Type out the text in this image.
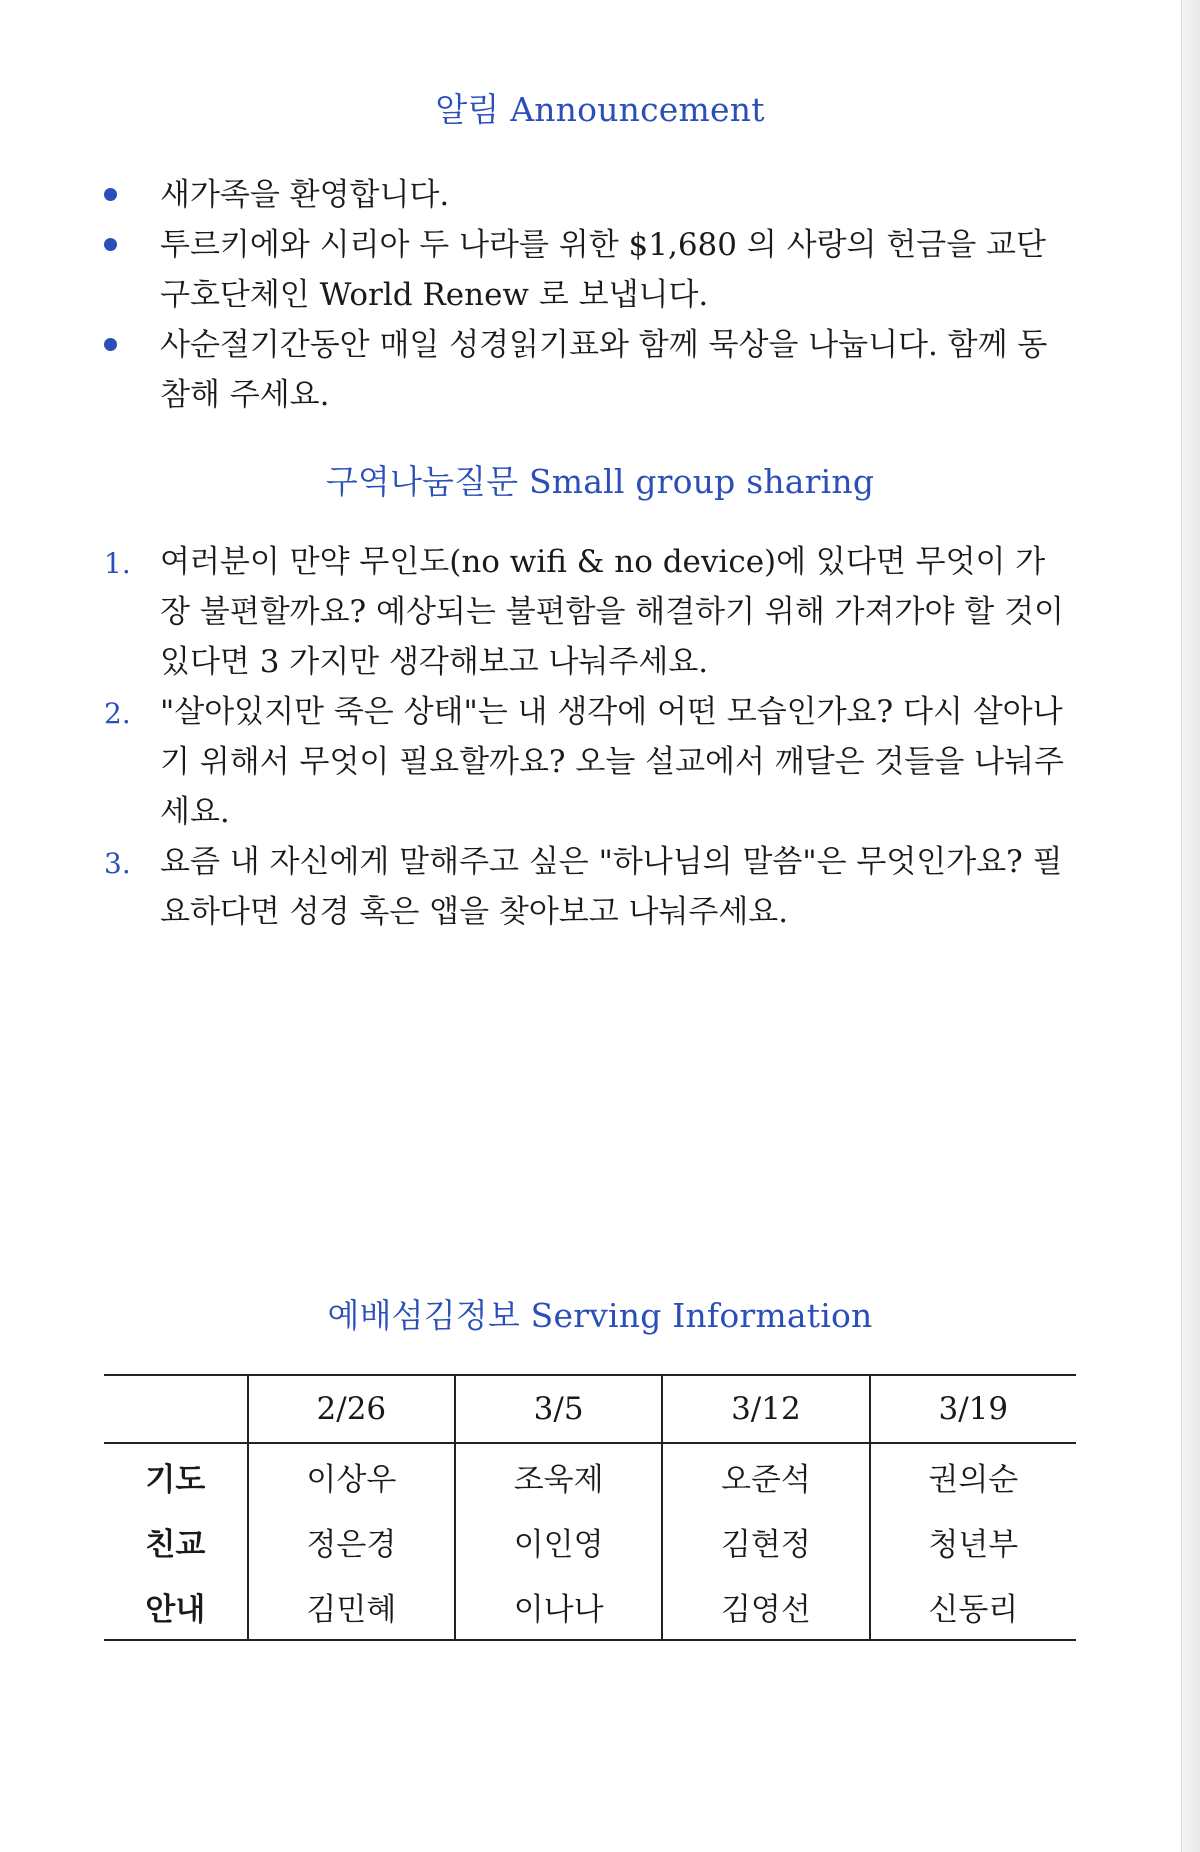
알림 Announcement
새가족을 환영합니다.
투르키에와 시리아 두 나라를 위한 $1,680 의 사랑의 헌금을 교단 구호단체인 World Renew 로 보냅니다.
사순절기간동안 매일 성경읽기표와 함께 묵상을 나눕니다. 함께 동참해 주세요.
구역나눔질문 Small group sharing
1. 여러분이 만약 무인도(no wifi & no device)에 있다면 무엇이 가장 불편할까요? 예상되는 불편함을 해결하기 위해 가져가야 할 것이 있다면 3 가지만 생각해보고 나눠주세요.
2. "살아있지만 죽은 상태"는 내 생각에 어떤 모습인가요? 다시 살아나기 위해서 무엇이 필요할까요? 오늘 설교에서 깨달은 것들을 나눠주세요.
3. 요즘 내 자신에게 말해주고 싶은 "하나님의 말씀"은 무엇인가요? 필요하다면 성경 혹은 앱을 찾아보고 나눠주세요.
예배섬김정보 Serving Information
	2/26	3/5	3/12	3/19
기도	이상우	조욱제	오준석	권의순
친교	정은경	이인영	김현정	청년부
안내	김민혜	이나나	김영선	신동리
